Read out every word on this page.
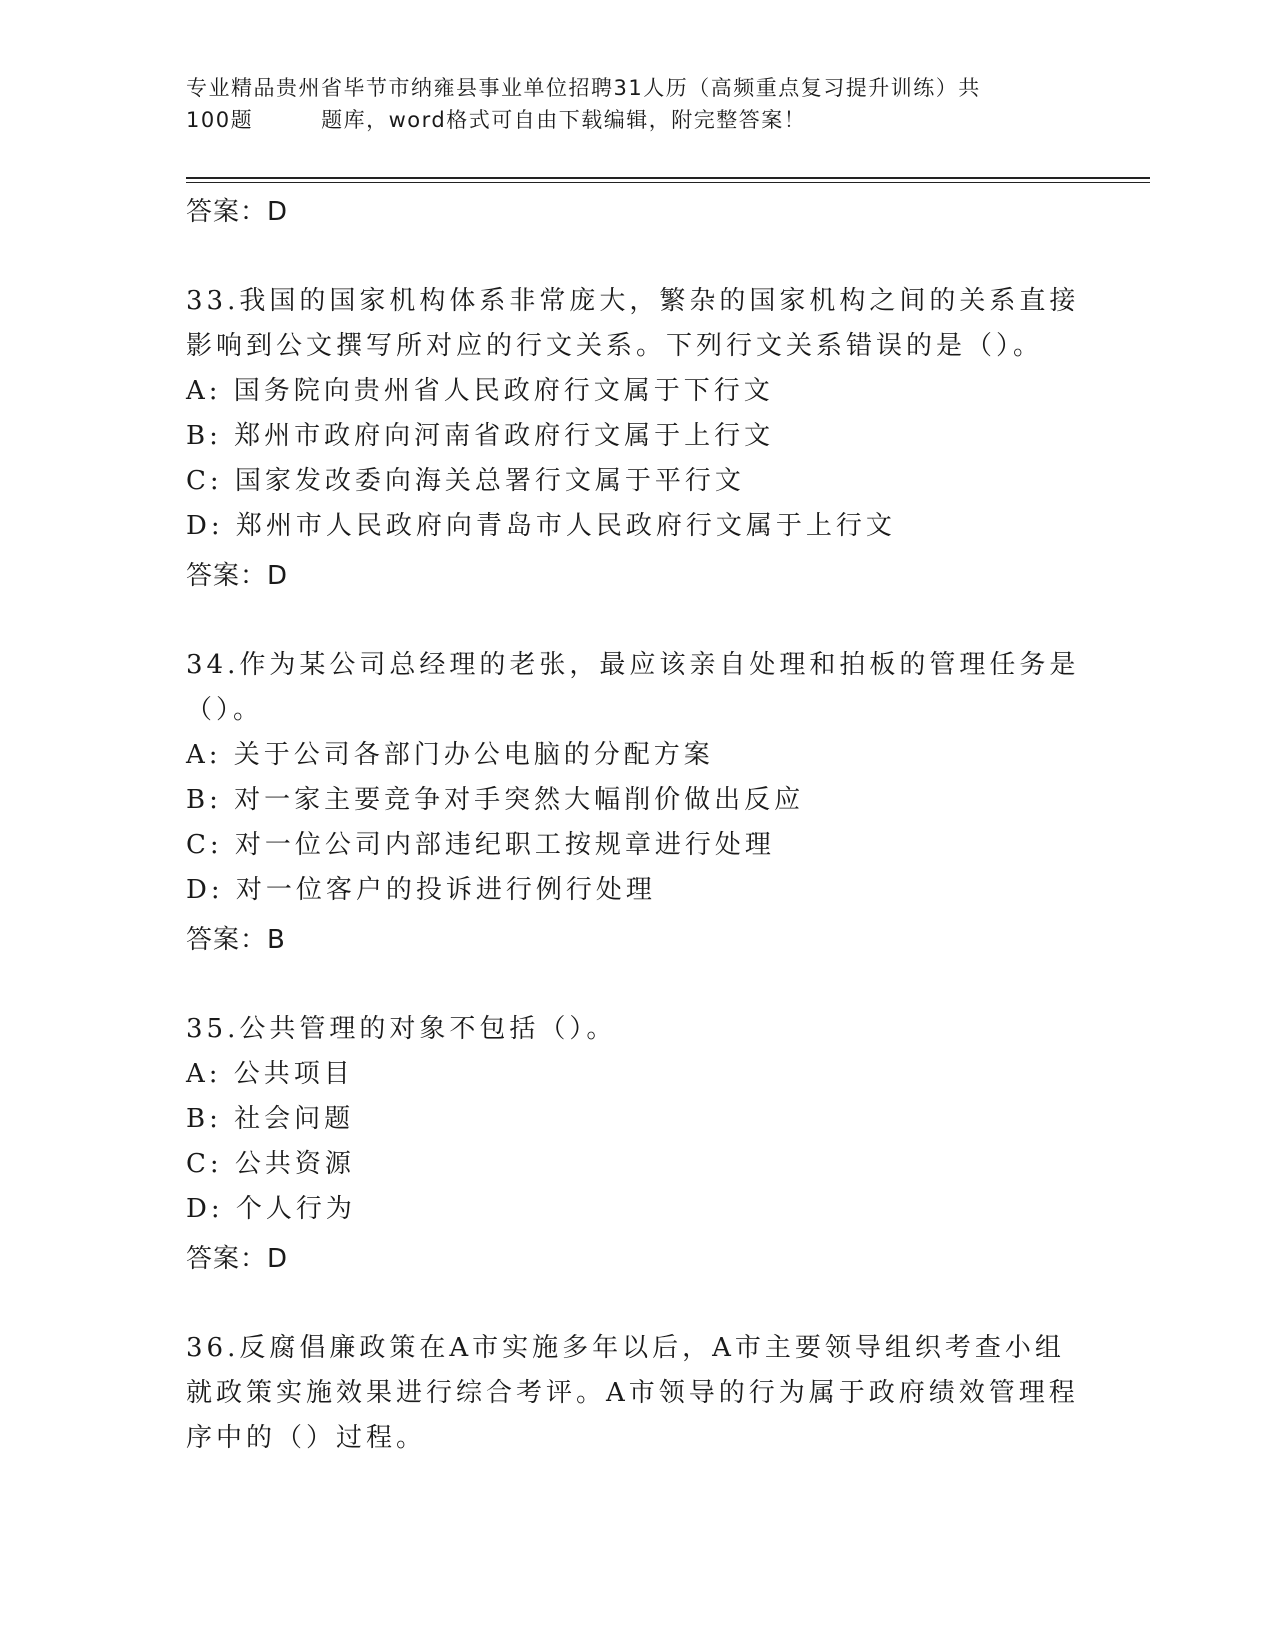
专业精品贵州省毕节市纳雍县事业单位招聘31人历（高频重点复习提升训练）共
100题	题库，word格式可自由下载编辑，附完整答案！
答案：D
33.我国的国家机构体系非常庞大，繁杂的国家机构之间的关系直接影响到公文撰写所对应的行文关系。下列行文关系错误的是（）。
A: 国务院向贵州省人民政府行文属于下行文
B: 郑州市政府向河南省政府行文属于上行文
C: 国家发改委向海关总署行文属于平行文
D: 郑州市人民政府向青岛市人民政府行文属于上行文
答案：D
34.作为某公司总经理的老张，最应该亲自处理和拍板的管理任务是（）。
A: 关于公司各部门办公电脑的分配方案
B: 对一家主要竞争对手突然大幅削价做出反应
C: 对一位公司内部违纪职工按规章进行处理
D: 对一位客户的投诉进行例行处理
答案：B
35.公共管理的对象不包括（）。
A: 公共项目
B: 社会问题
C: 公共资源
D: 个人行为
答案：D
36.反腐倡廉政策在A市实施多年以后，A市主要领导组织考查小组就政策实施效果进行综合考评。A市领导的行为属于政府绩效管理程序中的（）过程。
